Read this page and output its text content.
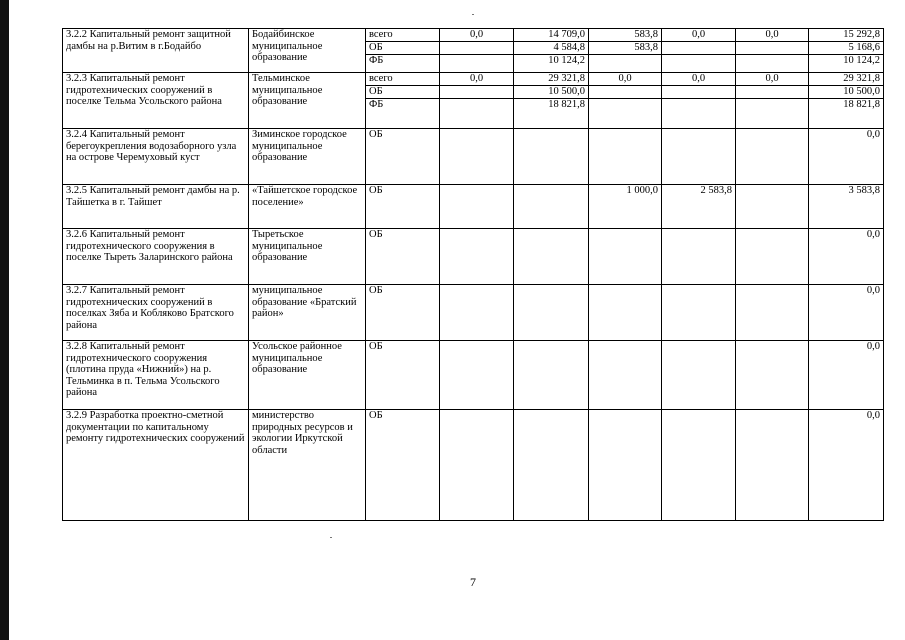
3.2.2 Капитальный ремонт защитной дамбы на р.Витим в г.Бодайбо	Бодайбинское муниципальное образование	всего	0,0	14 709,0	583,8	0,0	0,0	15 292,8
		ОБ		4 584,8	583,8			5 168,6
		ФБ		10 124,2				10 124,2
3.2.3 Капитальный ремонт гидротехнических сооружений в поселке Тельма Усольского района	Тельминское муниципальное образование	всего	0,0	29 321,8	0,0	0,0	0,0	29 321,8
		ОБ		10 500,0				10 500,0
		ФБ		18 821,8				18 821,8
3.2.4 Капитальный ремонт берегоукрепления водозаборного узла на острове Черемуховый куст	Зиминское городское муниципальное образование	ОБ						0,0
3.2.5 Капитальный ремонт дамбы на р. Тайшетка в г. Тайшет	«Тайшетское городское поселение»	ОБ			1 000,0	2 583,8		3 583,8
3.2.6 Капитальный ремонт гидротехнического сооружения в поселке Тыреть Заларинского района	Тыретьское муниципальное образование	ОБ						0,0
3.2.7 Капитальный ремонт гидротехнических сооружений в поселках Зяба и Кобляково Братского района	муниципальное образование «Братский район»	ОБ						0,0
3.2.8 Капитальный ремонт гидротехнического сооружения (плотина пруда «Нижний») на р. Тельминка в п. Тельма Усольского района	Усольское районное муниципальное образование	ОБ						0,0
3.2.9 Разработка проектно-сметной документации по капитальному ремонту гидротехнических сооружений	министерство природных ресурсов и экологии Иркутской области	ОБ						0,0
7
